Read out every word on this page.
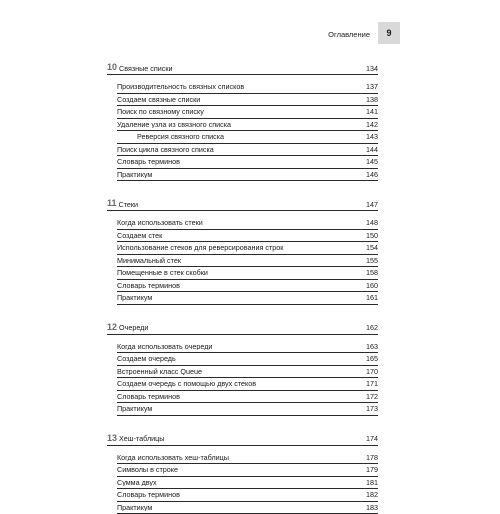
Оглавление	9
10 Связные списки	134
Производительность связных списков	137
Создаем связные списки	138
Поиск по связному списку	141
Удаление узла из связного списка	142
Реверсия связного списка	143
Поиск цикла связного списка	144
Словарь терминов	145
Практикум	146
11 Стеки	147
Когда использовать стеки	148
Создаем стек	150
Использование стеков для реверсирования строк	154
Минимальный стек	155
Помещенные в стек скобки	158
Словарь терминов	160
Практикум	161
12 Очереди	162
Когда использовать очереди	163
Создаем очередь	165
Встроенный класс Queue	170
Создаем очередь с помощью двух стеков	171
Словарь терминов	172
Практикум	173
13 Хеш-таблицы	174
Когда использовать хеш-таблицы	178
Символы в строке	179
Сумма двух	181
Словарь терминов	182
Практикум	183
